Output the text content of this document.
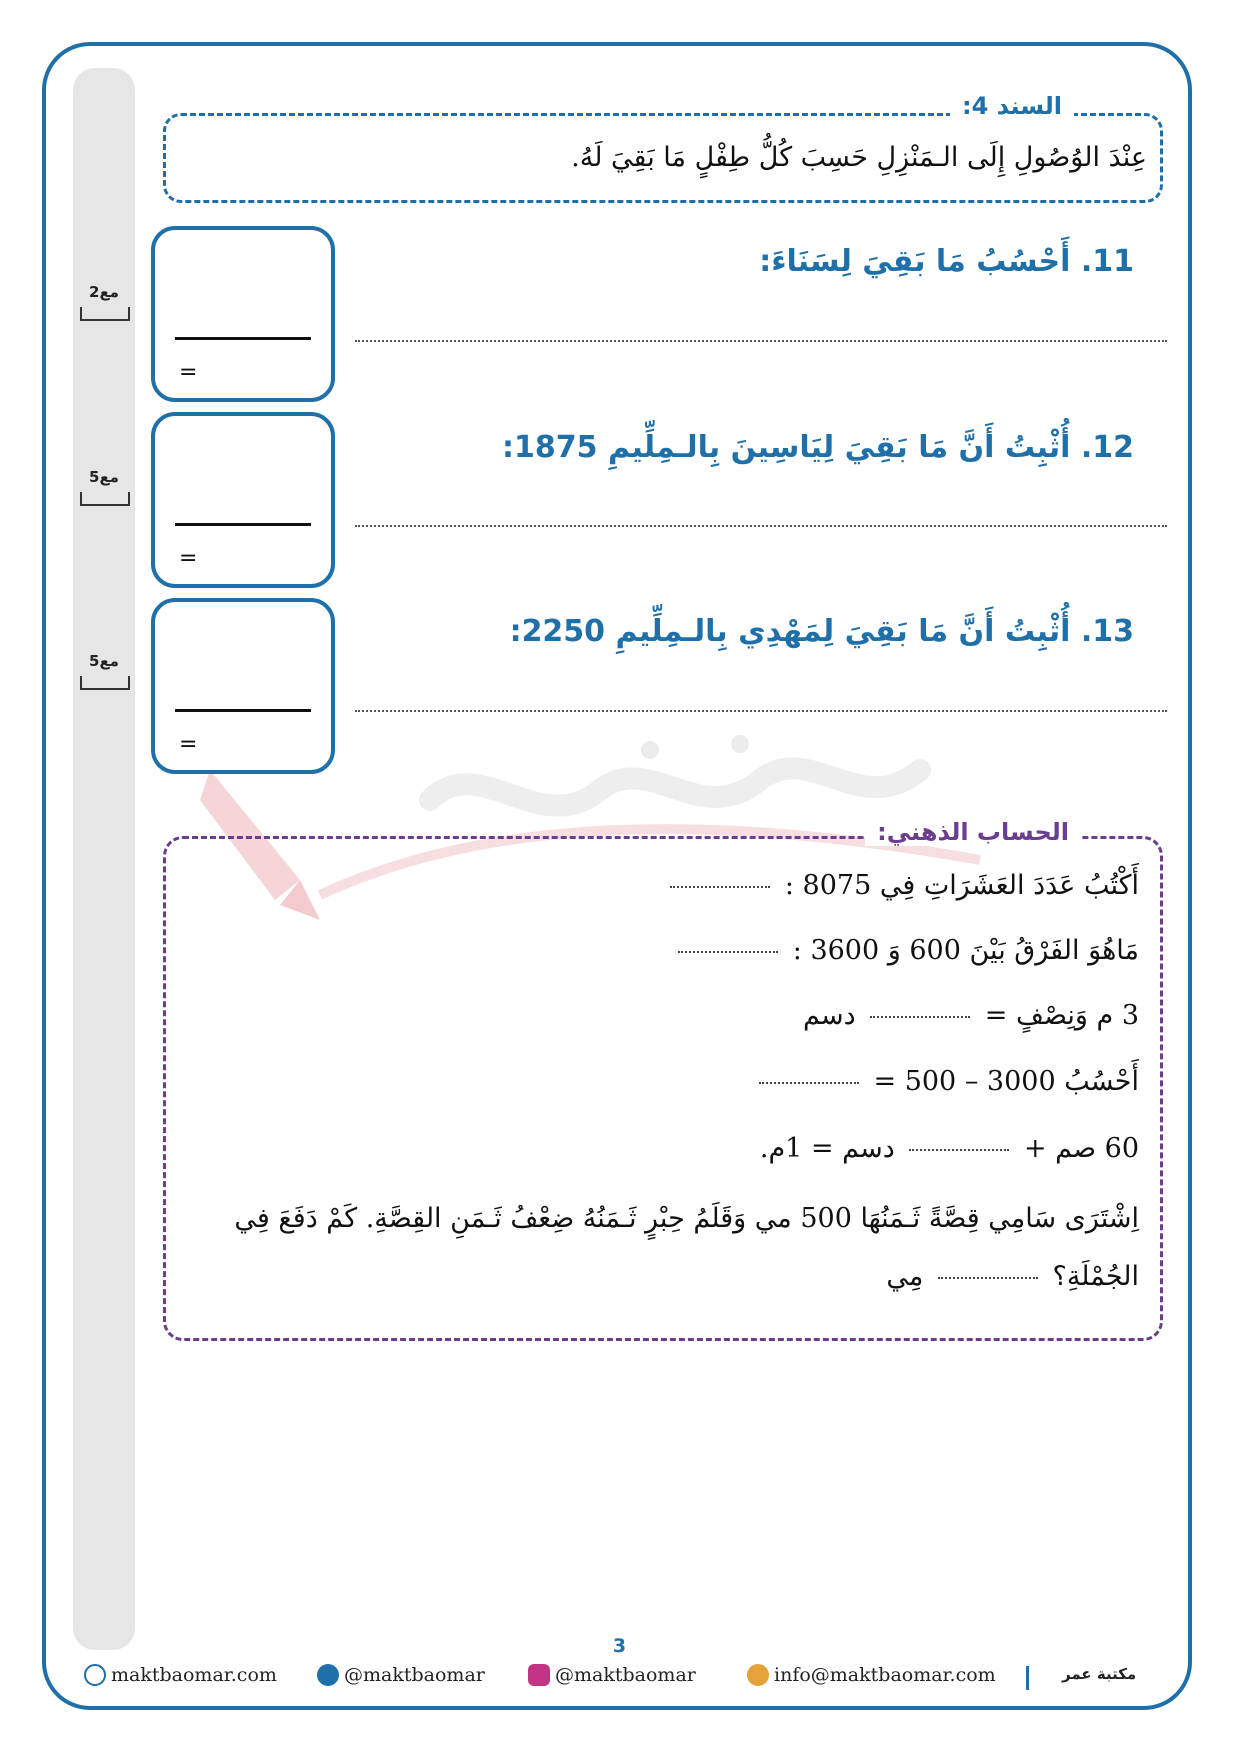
مع2
مع5
مع5
السند 4:
عِنْدَ الوُصُولِ إِلَى الـمَنْزِلِ حَسِبَ كُلُّ طِفْلٍ مَا بَقِيَ لَهُ.
=
11. أَحْسُبُ مَا بَقِيَ لِسَنَاءَ:
=
12. أُثْبِتُ أَنَّ مَا بَقِيَ لِيَاسِينَ بِالـمِلِّيمِ 1875:
=
13. أُثْبِتُ أَنَّ مَا بَقِيَ لِمَهْدِي بِالـمِلِّيمِ 2250:
الحساب الذهني:
أَكْتُبُ عَدَدَ العَشَرَاتِ فِي 8075 :
مَاهُوَ الفَرْقُ بَيْنَ 600 وَ 3600 :
3 م وَنِصْفٍ =  دسم
أَحْسُبُ 3000 – 500 =
60 صم +  دسم = 1م.
اِشْتَرَى سَامِي قِصَّةً ثَـمَنُهَا 500 مي وَقَلَمُ حِبْرٍ ثَـمَنُهُ ضِعْفُ ثَـمَنِ القِصَّةِ. كَمْ دَفَعَ فِي الجُمْلَةِ؟  مِي
3
maktbaomar.com	@maktbaomar	@maktbaomar	info@maktbaomar.com	مكتبة عمر
